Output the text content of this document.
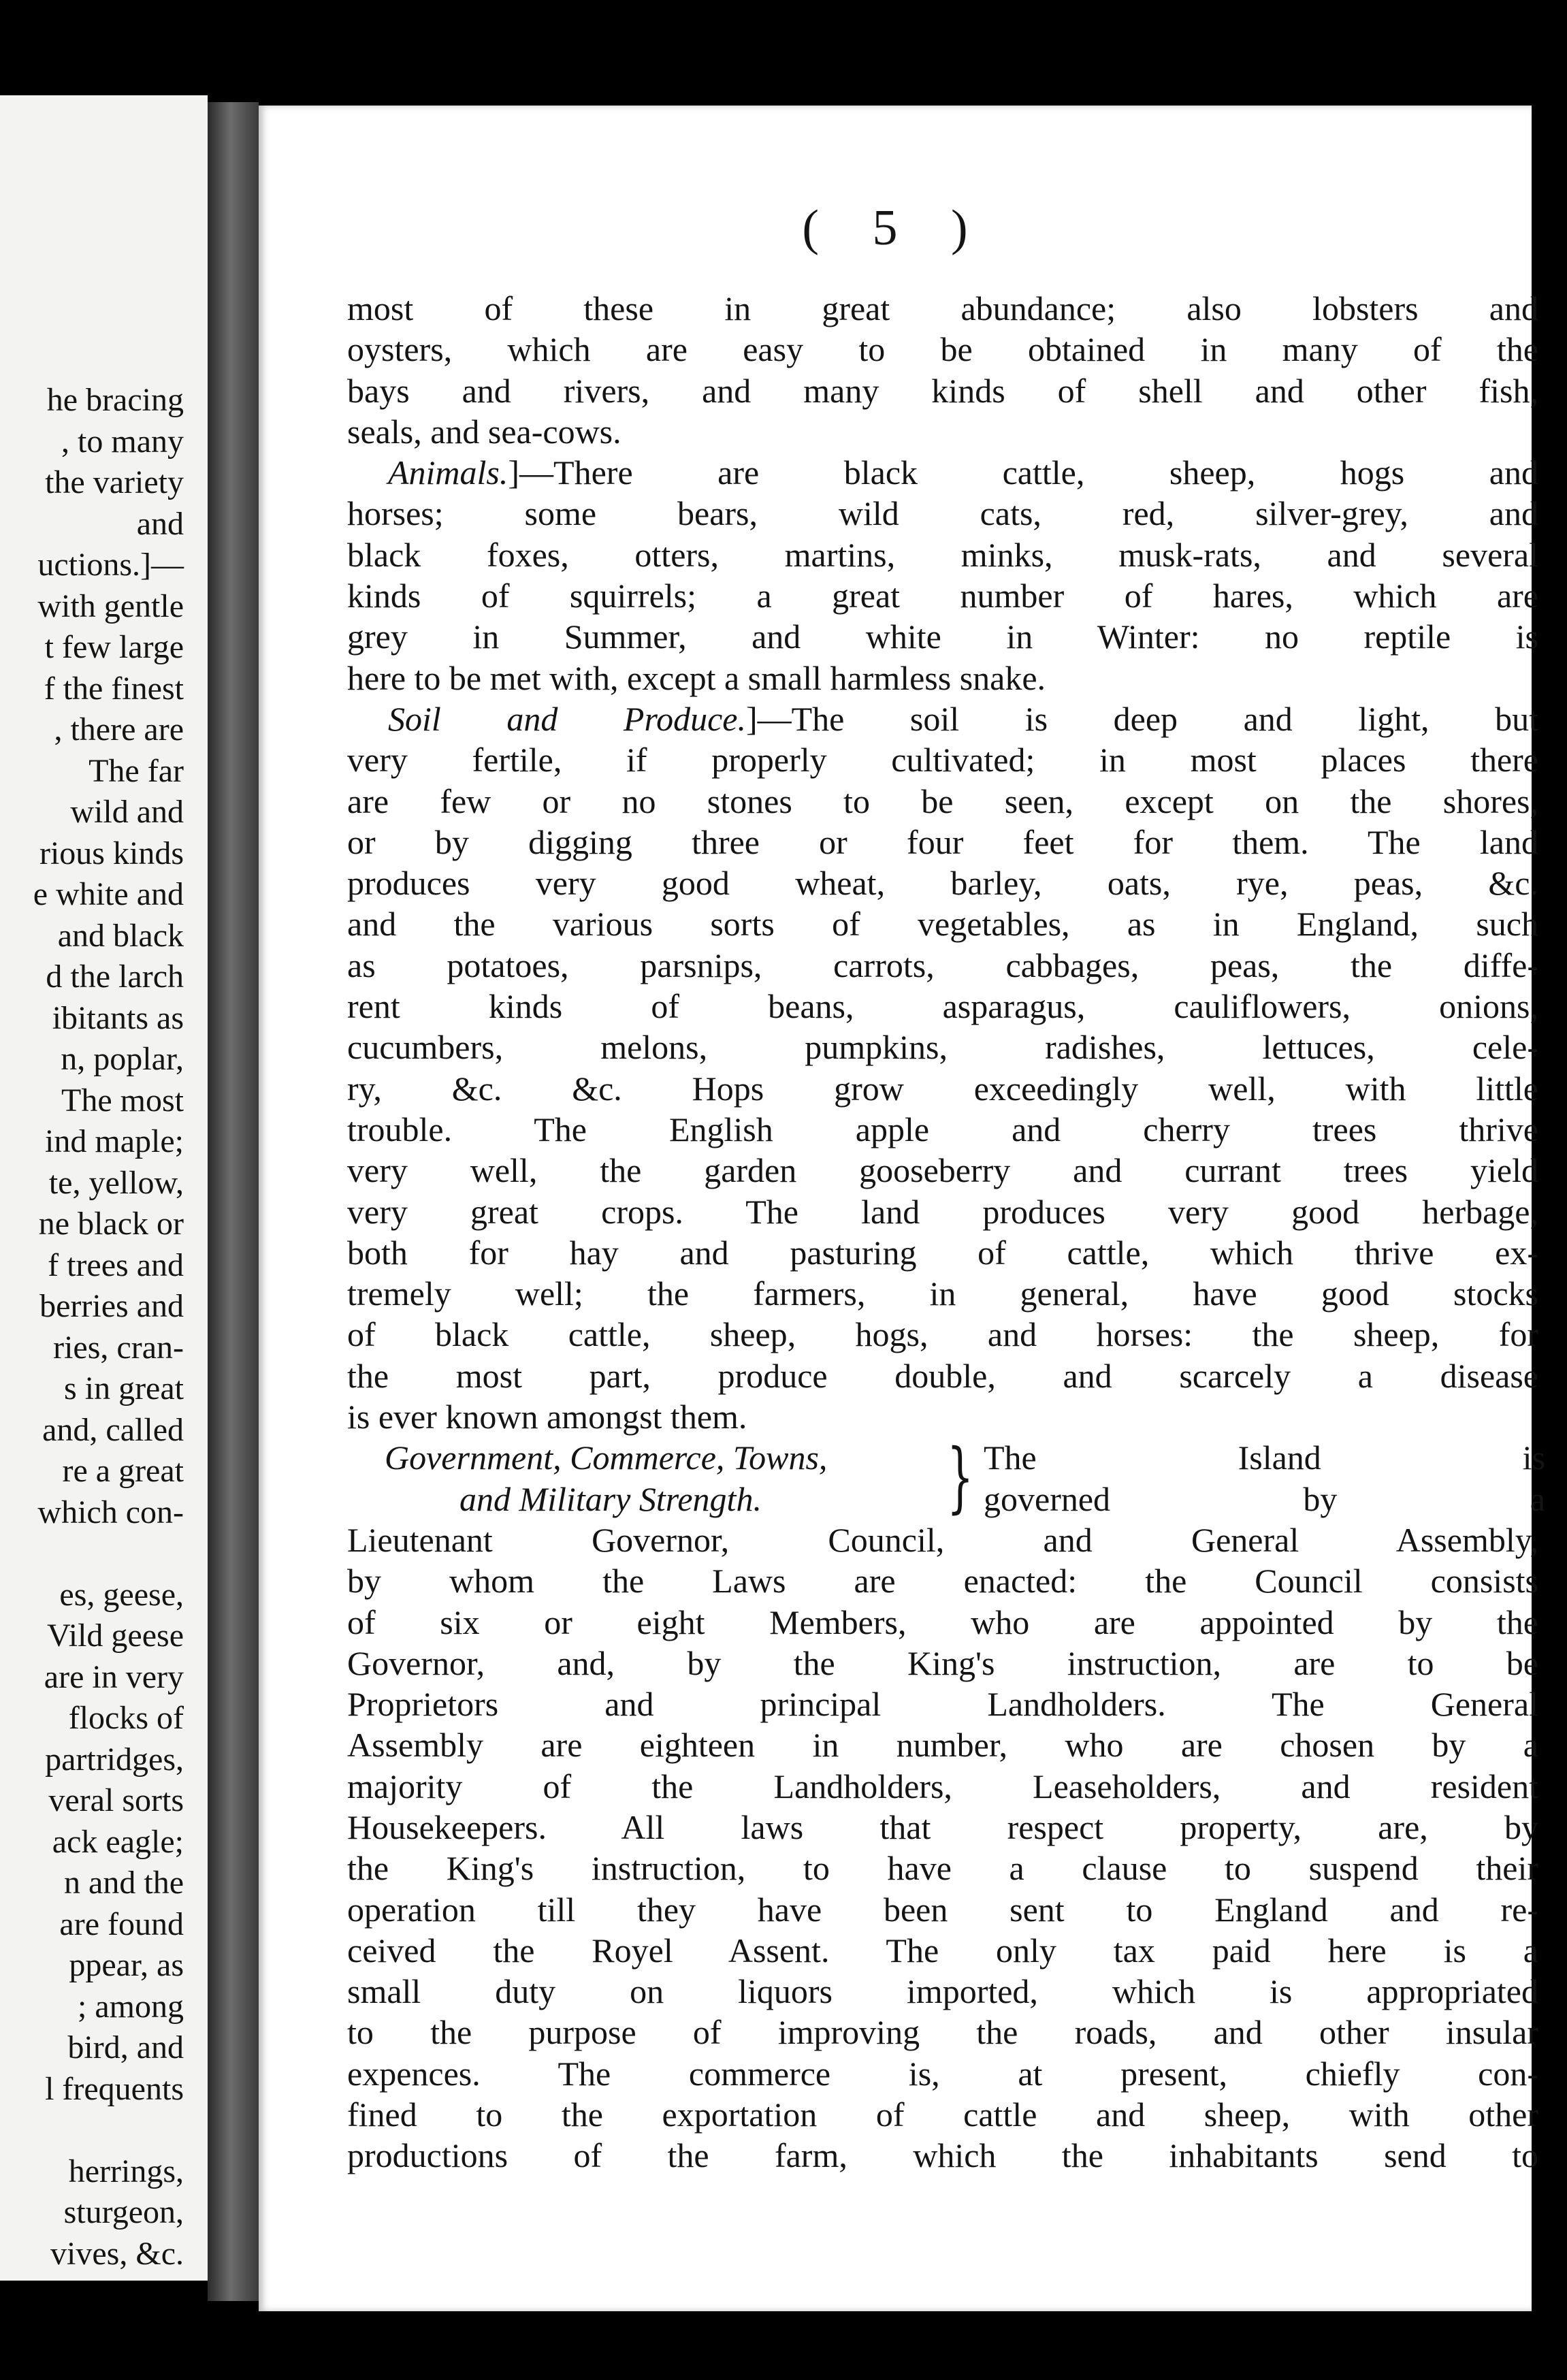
he bracing
, to many
the variety
and
uctions.]—
with gentle
t few large
f the finest
, there are
The far
wild and
rious kinds
e white and
and black
d the larch
ibitants as
n, poplar,
The most
ind maple;
te, yellow,
ne black or
f trees and
berries and
ries, cran-
s in great
and, called
re a great
which con-
es, geese,
Vild geese
are in very
flocks of
partridges,
veral sorts
ack eagle;
n and the
are found
ppear, as
; among
bird, and
l frequents
herrings,
sturgeon,
vives, &c.
( 5 )
most of these in great abundance; also lobsters and
oysters, which are easy to be obtained in many of the
bays and rivers, and many kinds of shell and other fish,
seals, and sea-cows.
Animals.]—There are black cattle, sheep, hogs and
horses; some bears, wild cats, red, silver-grey, and
black foxes, otters, martins, minks, musk-rats, and several
kinds of squirrels; a great number of hares, which are
grey in Summer, and white in Winter: no reptile is
here to be met with, except a small harmless snake.
Soil and Produce.]—The soil is deep and light, but
very fertile, if properly cultivated; in most places there
are few or no stones to be seen, except on the shores,
or by digging three or four feet for them. The land
produces very good wheat, barley, oats, rye, peas, &c.
and the various sorts of vegetables, as in England, such
as potatoes, parsnips, carrots, cabbages, peas, the diffe-
rent kinds of beans, asparagus, cauliflowers, onions,
cucumbers, melons, pumpkins, radishes, lettuces, cele-
ry, &c. &c. Hops grow exceedingly well, with little
trouble. The English apple and cherry trees thrive
very well, the garden gooseberry and currant trees yield
very great crops. The land produces very good herbage,
both for hay and pasturing of cattle, which thrive ex-
tremely well; the farmers, in general, have good stocks
of black cattle, sheep, hogs, and horses: the sheep, for
the most part, produce double, and scarcely a disease
is ever known amongst them.
Government, Commerce, Towns,
and Military Strength.	} The Island is
governed by a
Lieutenant Governor, Council, and General Assembly,
by whom the Laws are enacted: the Council consists
of six or eight Members, who are appointed by the
Governor, and, by the King's instruction, are to be
Proprietors and principal Landholders. The General
Assembly are eighteen in number, who are chosen by a
majority of the Landholders, Leaseholders, and resident
Housekeepers. All laws that respect property, are, by
the King's instruction, to have a clause to suspend their
operation till they have been sent to England and re-
ceived the Royel Assent. The only tax paid here is a
small duty on liquors imported, which is appropriated
to the purpose of improving the roads, and other insular
expences. The commerce is, at present, chiefly con-
fined to the exportation of cattle and sheep, with other
productions of the farm, which the inhabitants send to
